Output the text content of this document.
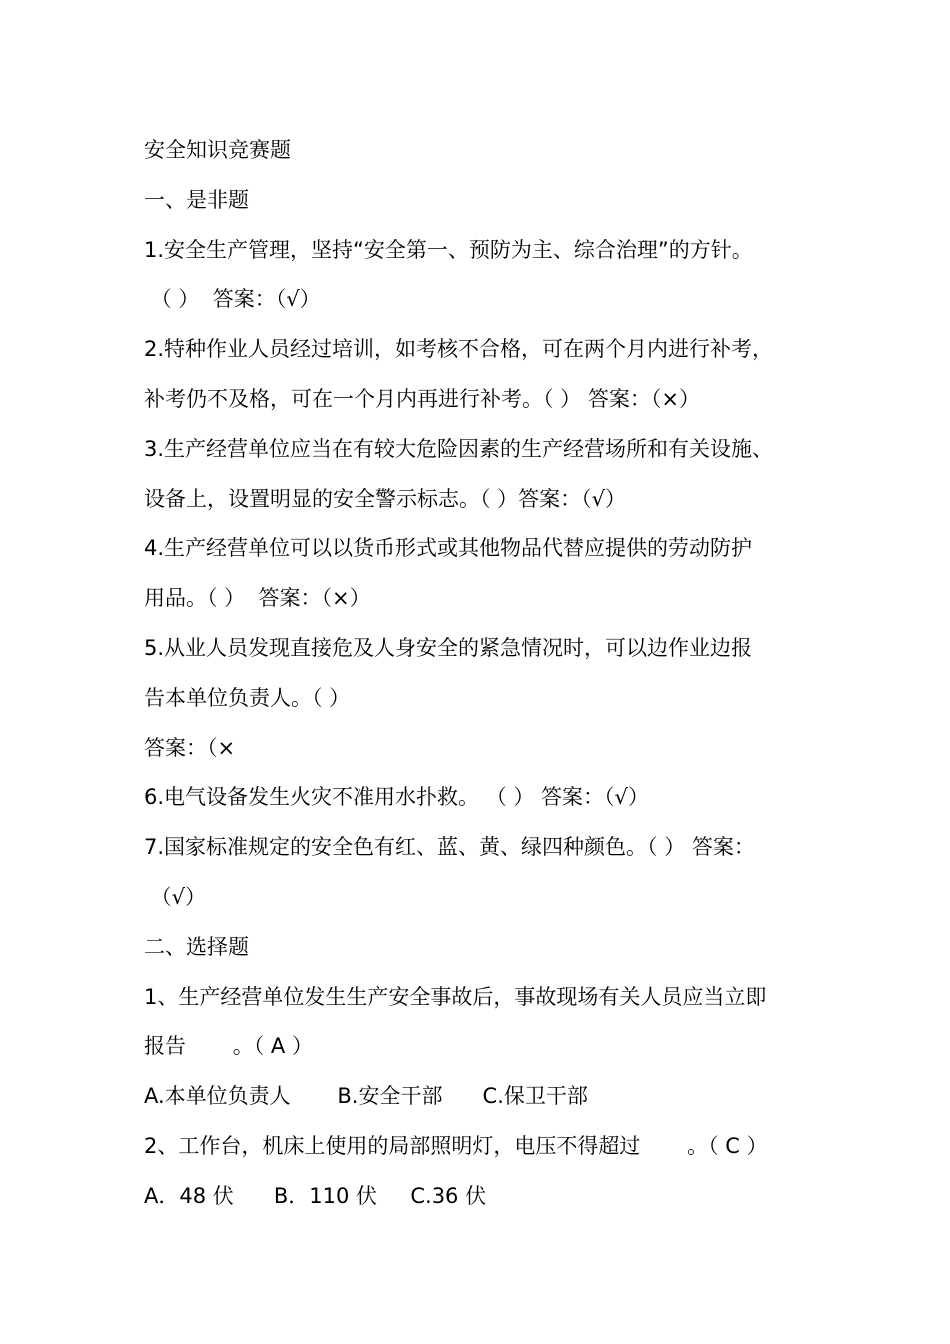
安全知识竞赛题

一、是非题

1.安全生产管理，坚持“安全第一、预防为主、综合治理”的方针。

（ ）  答案：（√）

2.特种作业人员经过培训，如考核不合格，可在两个月内进行补考，

补考仍不及格，可在一个月内再进行补考。（ ） 答案：（×）

3.生产经营单位应当在有较大危险因素的生产经营场所和有关设施、

设备上，设置明显的安全警示标志。（ ）答案：（√）

4.生产经营单位可以以货币形式或其他物品代替应提供的劳动防护

用品。（ ）  答案：（×）

5.从业人员发现直接危及人身安全的紧急情况时，可以边作业边报

告本单位负责人。（ ）

答案：（×

6.电气设备发生火灾不准用水扑救。 （ ） 答案：（√）

7.国家标准规定的安全色有红、蓝、黄、绿四种颜色。（ ） 答案：

（√）

二、选择题

1、生产经营单位发生生产安全事故后，事故现场有关人员应当立即

报告       。（ A ）

A.本单位负责人       B.安全干部      C.保卫干部

2、工作台，机床上使用的局部照明灯，电压不得超过       。（ C ）

A．48 伏      B．110 伏     C.36 伏
